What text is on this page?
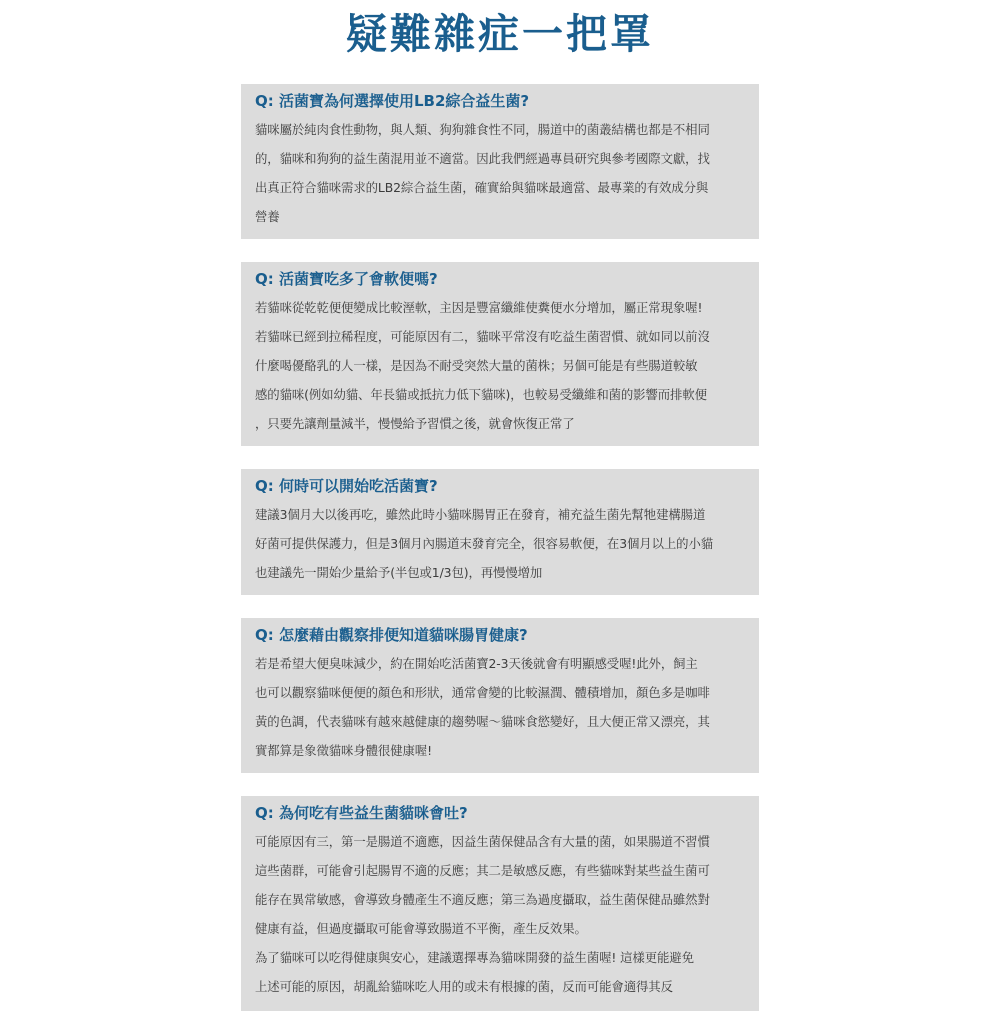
疑難雜症一把罩
Q: 活菌寶為何選擇使用LB2綜合益生菌?
貓咪屬於純肉食性動物，與人類、狗狗雜食性不同，腸道中的菌叢結構也都是不相同
的，貓咪和狗狗的益生菌混用並不適當。因此我們經過專員研究與參考國際文獻，找
出真正符合貓咪需求的LB2綜合益生菌，確實給與貓咪最適當、最專業的有效成分與
營養
Q: 活菌寶吃多了會軟便嗎?
若貓咪從乾乾便便變成比較溼軟，主因是豐富纖維使糞便水分增加，屬正常現象喔!
若貓咪已經到拉稀程度，可能原因有二，貓咪平常沒有吃益生菌習慣、就如同以前沒
什麼喝優酪乳的人一樣，是因為不耐受突然大量的菌株；另個可能是有些腸道較敏
感的貓咪(例如幼貓、年長貓或抵抗力低下貓咪)，也較易受纖維和菌的影響而排軟便
，只要先讓劑量減半，慢慢給予習慣之後，就會恢復正常了
Q: 何時可以開始吃活菌寶?
建議3個月大以後再吃，雖然此時小貓咪腸胃正在發育，補充益生菌先幫牠建構腸道
好菌可提供保護力，但是3個月內腸道末發育完全，很容易軟便，在3個月以上的小貓
也建議先一開始少量給予(半包或1/3包)，再慢慢增加
Q: 怎麼藉由觀察排便知道貓咪腸胃健康?
若是希望大便臭味減少，約在開始吃活菌寶2-3天後就會有明顯感受喔!此外，飼主
也可以觀察貓咪便便的顏色和形狀，通常會變的比較濕潤、體積增加，顏色多是咖啡
黃的色調，代表貓咪有越來越健康的趨勢喔～貓咪食慾變好，且大便正常又漂亮，其
實都算是象徵貓咪身體很健康喔!
Q: 為何吃有些益生菌貓咪會吐?
可能原因有三，第一是腸道不適應，因益生菌保健品含有大量的菌，如果腸道不習慣
這些菌群，可能會引起腸胃不適的反應；其二是敏感反應，有些貓咪對某些益生菌可
能存在異常敏感，會導致身體產生不適反應；第三為過度攝取，益生菌保健品雖然對
健康有益，但過度攝取可能會導致腸道不平衡，產生反效果。
為了貓咪可以吃得健康與安心，建議選擇專為貓咪開發的益生菌喔! 這樣更能避免
上述可能的原因，胡亂給貓咪吃人用的或未有根據的菌，反而可能會適得其反
